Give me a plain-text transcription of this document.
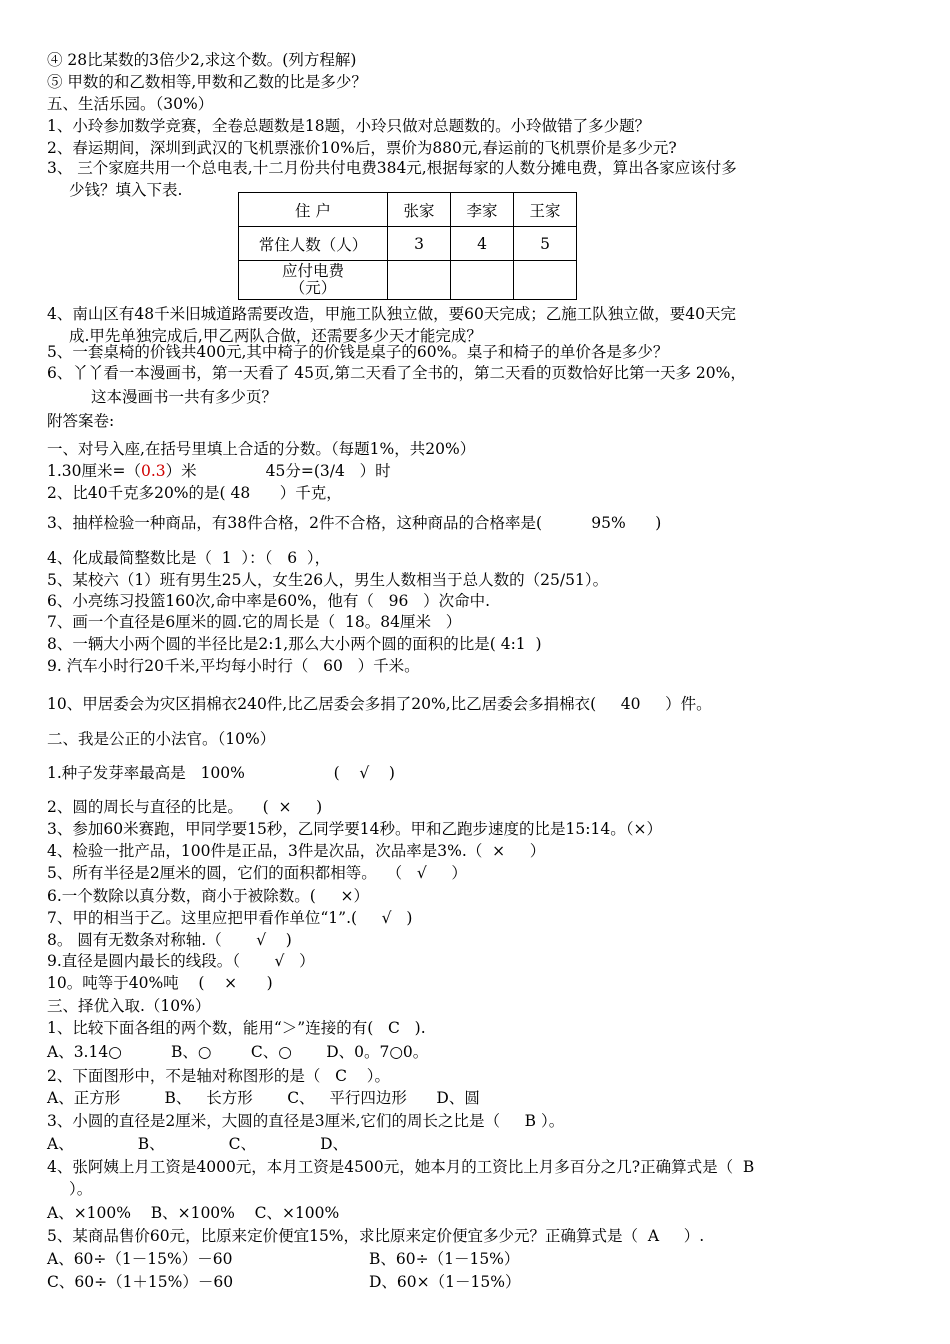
④ 28比某数的3倍少2,求这个数。(列方程解)
⑤ 甲数的和乙数相等,甲数和乙数的比是多少？
五、生活乐园。（30%）
1、小玲参加数学竞赛，全卷总题数是18题，小玲只做对总题数的。小玲做错了多少题？
2、春运期间，深圳到武汉的飞机票涨价10%后，票价为880元,春运前的飞机票价是多少元?
3、 三个家庭共用一个总电表,十二月份共付电费384元,根据每家的人数分摊电费，算出各家应该付多
少钱？填入下表.
住 户	张家	李家	王家
常住人数（人）	3	4	5
应付电费
（元）			
4、南山区有48千米旧城道路需要改造，甲施工队独立做，要60天完成；乙施工队独立做，要40天完
成.甲先单独完成后,甲乙两队合做，还需要多少天才能完成？
5、一套桌椅的价钱共400元,其中椅子的价钱是桌子的60%。桌子和椅子的单价各是多少？
6、丫丫看一本漫画书，第一天看了 45页,第二天看了全书的，第二天看的页数恰好比第一天多 20%，
这本漫画书一共有多少页？
附答案卷:
一、对号入座,在括号里填上合适的分数。（每题1%，共20%）
1.30厘米=（0.3）米              45分=(3/4   ）时
2、比40千克多20%的是( 48      ）千克，
3、抽样检验一种商品，有38件合格，2件不合格，这种商品的合格率是(          95%      )
4、化成最简整数比是（  1  ）：（   6  ），
5、某校六（1）班有男生25人，女生26人，男生人数相当于总人数的（25/51）。
6、小亮练习投篮160次,命中率是60%，他有（   96   ）次命中.
7、画一个直径是6厘米的圆.它的周长是（  18。84厘米   ）
8、一辆大小两个圆的半径比是2:1,那么大小两个圆的面积的比是( 4:1  )
9. 汽车小时行20千米,平均每小时行（   60   ）千米。
10、甲居委会为灾区捐棉衣240件,比乙居委会多捐了20%,比乙居委会多捐棉衣(     40     ）件。
二、我是公正的小法官。（10%）
1.种子发芽率最高是   100%                  (    √    )
2、圆的周长与直径的比是。    (  ×     )
3、参加60米赛跑，甲同学要15秒，乙同学要14秒。甲和乙跑步速度的比是15:14。（×）
4、检验一批产品，100件是正品，3件是次品，次品率是3%.（  ×     ）
5、所有半径是2厘米的圆，它们的面积都相等。  （   √     ）
6.一个数除以真分数，商小于被除数。(     ×）
7、甲的相当于乙。这里应把甲看作单位“1”.(     √   )
8。 圆有无数条对称轴.（       √    )
9.直径是圆内最长的线段。（       √   ）
10。吨等于40%吨    (    ×      )
三、择优入取.（10%）
1、比较下面各组的两个数，能用“＞”连接的有(   C   ).
A、3.14○          B、○        C、○       D、0。7○0。
2、下面图形中，不是轴对称图形的是（   C    ）。
A、正方形         B、   长方形       C、   平行四边形      D、圆
3、小圆的直径是2厘米，大圆的直径是3厘米,它们的周长之比是（     B ）。
A、             B、             C、             D、
4、张阿姨上月工资是4000元，本月工资是4500元，她本月的工资比上月多百分之几?正确算式是（  B
）。
A、×100%    B、×100%    C、×100%
5、某商品售价60元，比原来定价便宜15%，求比原来定价便宜多少元？正确算式是（  A     ）.
A、60÷（1－15%）－60	B、60÷（1－15%）
C、60÷（1＋15%）－60	D、60×（1－15%）
